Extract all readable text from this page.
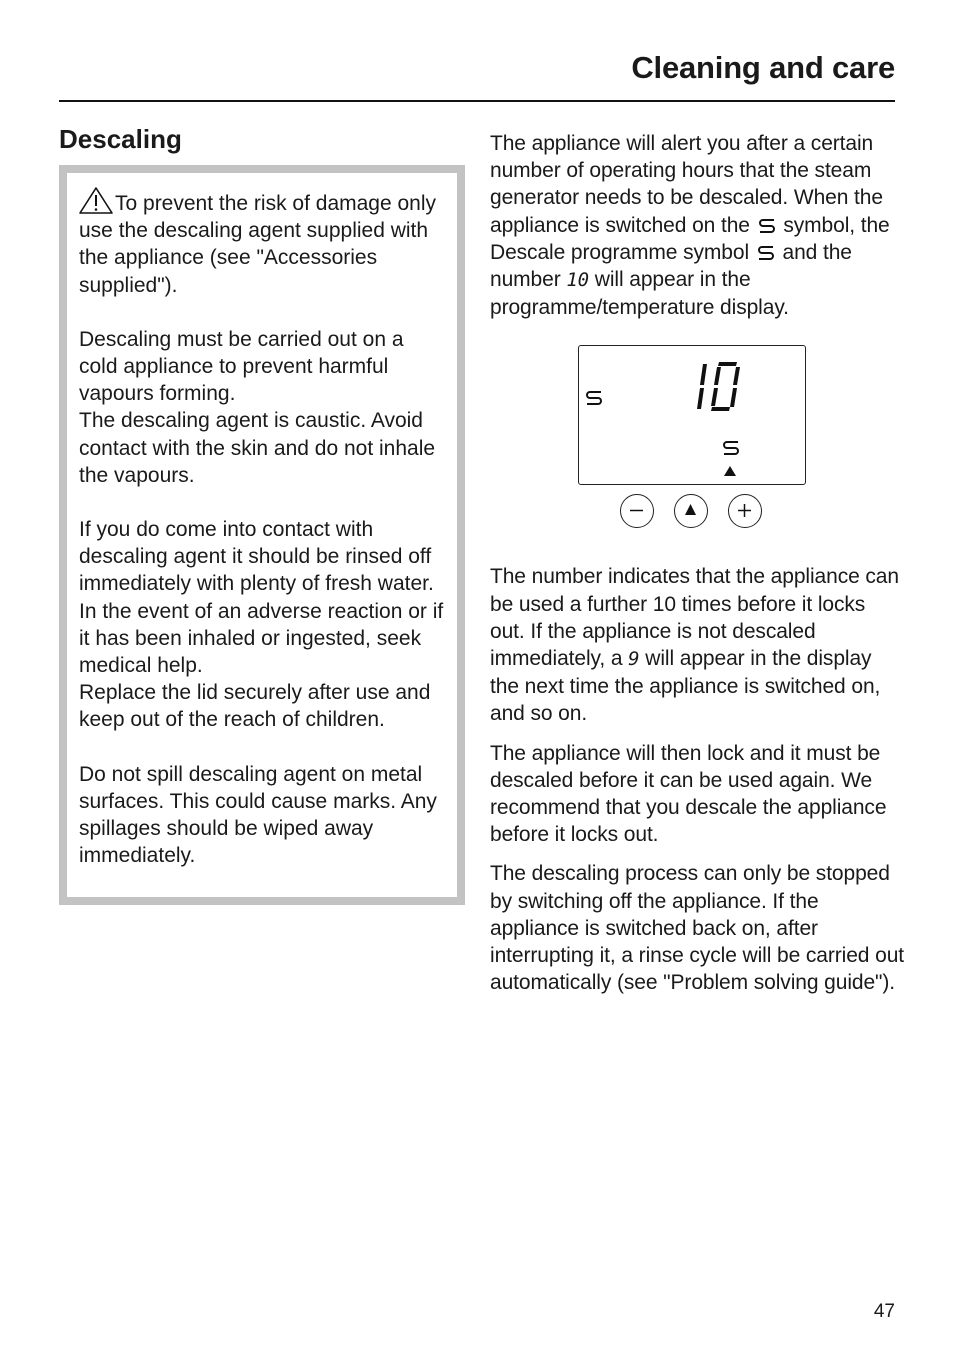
Cleaning and care
Descaling

To prevent the risk of damage only use the descaling agent supplied with the appliance (see "Accessories supplied").

Descaling must be carried out on a cold appliance to prevent harmful vapours forming.

The descaling agent is caustic. Avoid contact with the skin and do not inhale the vapours.

If you do come into contact with descaling agent it should be rinsed off immediately with plenty of fresh water. In the event of an adverse reaction or if it has been inhaled or ingested, seek medical help.

Replace the lid securely after use and keep out of the reach of children.

Do not spill descaling agent on metal surfaces. This could cause marks. Any spillages should be wiped away immediately.

The appliance will alert you after a certain number of operating hours that the steam generator needs to be descaled. When the appliance is switched on the  symbol, the Descale programme symbol  and the number 10 will appear in the programme/temperature display.

The number indicates that the appliance can be used a further 10 times before it locks out. If the appliance is not descaled immediately, a 9 will appear in the display the next time the appliance is switched on, and so on.

The appliance will then lock and it must be descaled before it can be used again. We recommend that you descale the appliance before it locks out.

The descaling process can only be stopped by switching off the appliance. If the appliance is switched back on, after interrupting it, a rinse cycle will be carried out automatically (see "Problem solving guide").

47
